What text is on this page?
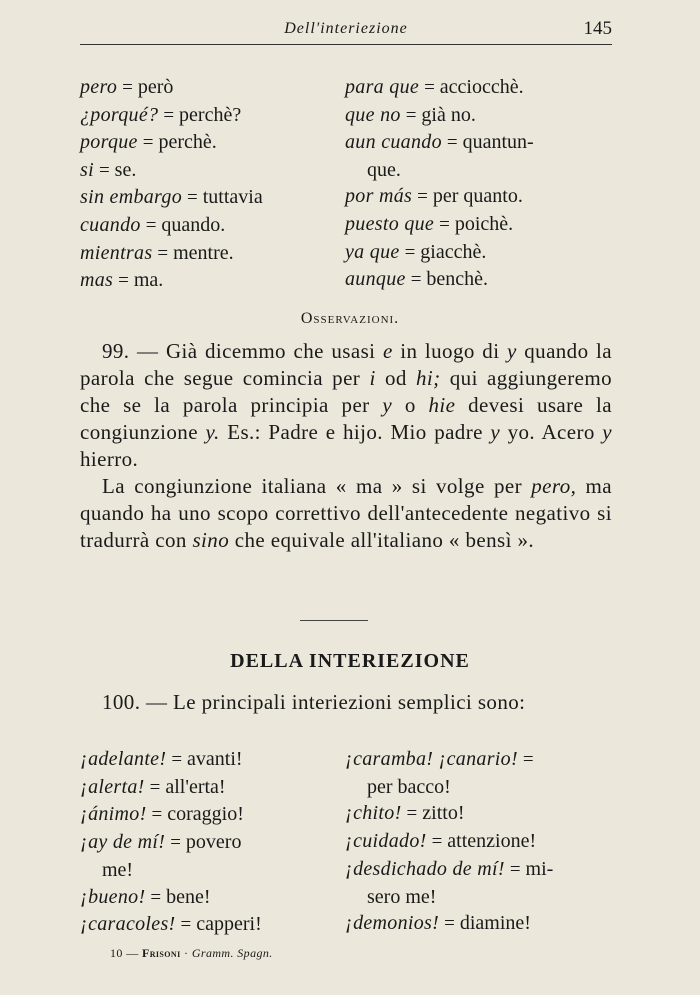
Dell'interiezione	145
pero = però
¿porqué? = perchè?
porque = perchè.
si = se.
sin embargo = tuttavia
cuando = quando.
mientras = mentre.
mas = ma.
para que = acciocchè.
que no = già no.
aun cuando = quantun-
que.
por más = per quanto.
puesto que = poichè.
ya que = giacchè.
aunque = benchè.
Osservazioni.

99. — Già dicemmo che usasi e in luogo di y quando la parola che segue comincia per i od hi; qui aggiungeremo che se la parola principia per y o hie devesi usare la congiunzione y. Es.: Padre e hijo. Mio padre y yo. Acero y hierro.

La congiunzione italiana « ma » si volge per pero, ma quando ha uno scopo correttivo dell'antecedente negativo si tradurrà con sino che equivale all'italiano « bensì ».

DELLA INTERIEZIONE

100. — Le principali interiezioni semplici sono:

¡adelante! = avanti!
¡alerta! = all'erta!
¡ánimo! = coraggio!
¡ay de mí! = povero
me!
¡bueno! = bene!
¡caracoles! = capperi!
¡caramba! ¡canario! =
per bacco!
¡chito! = zitto!
¡cuidado! = attenzione!
¡desdichado de mí! = mi-
sero me!
¡demonios! = diamine!
10 — Frisoni · Gramm. Spagn.
